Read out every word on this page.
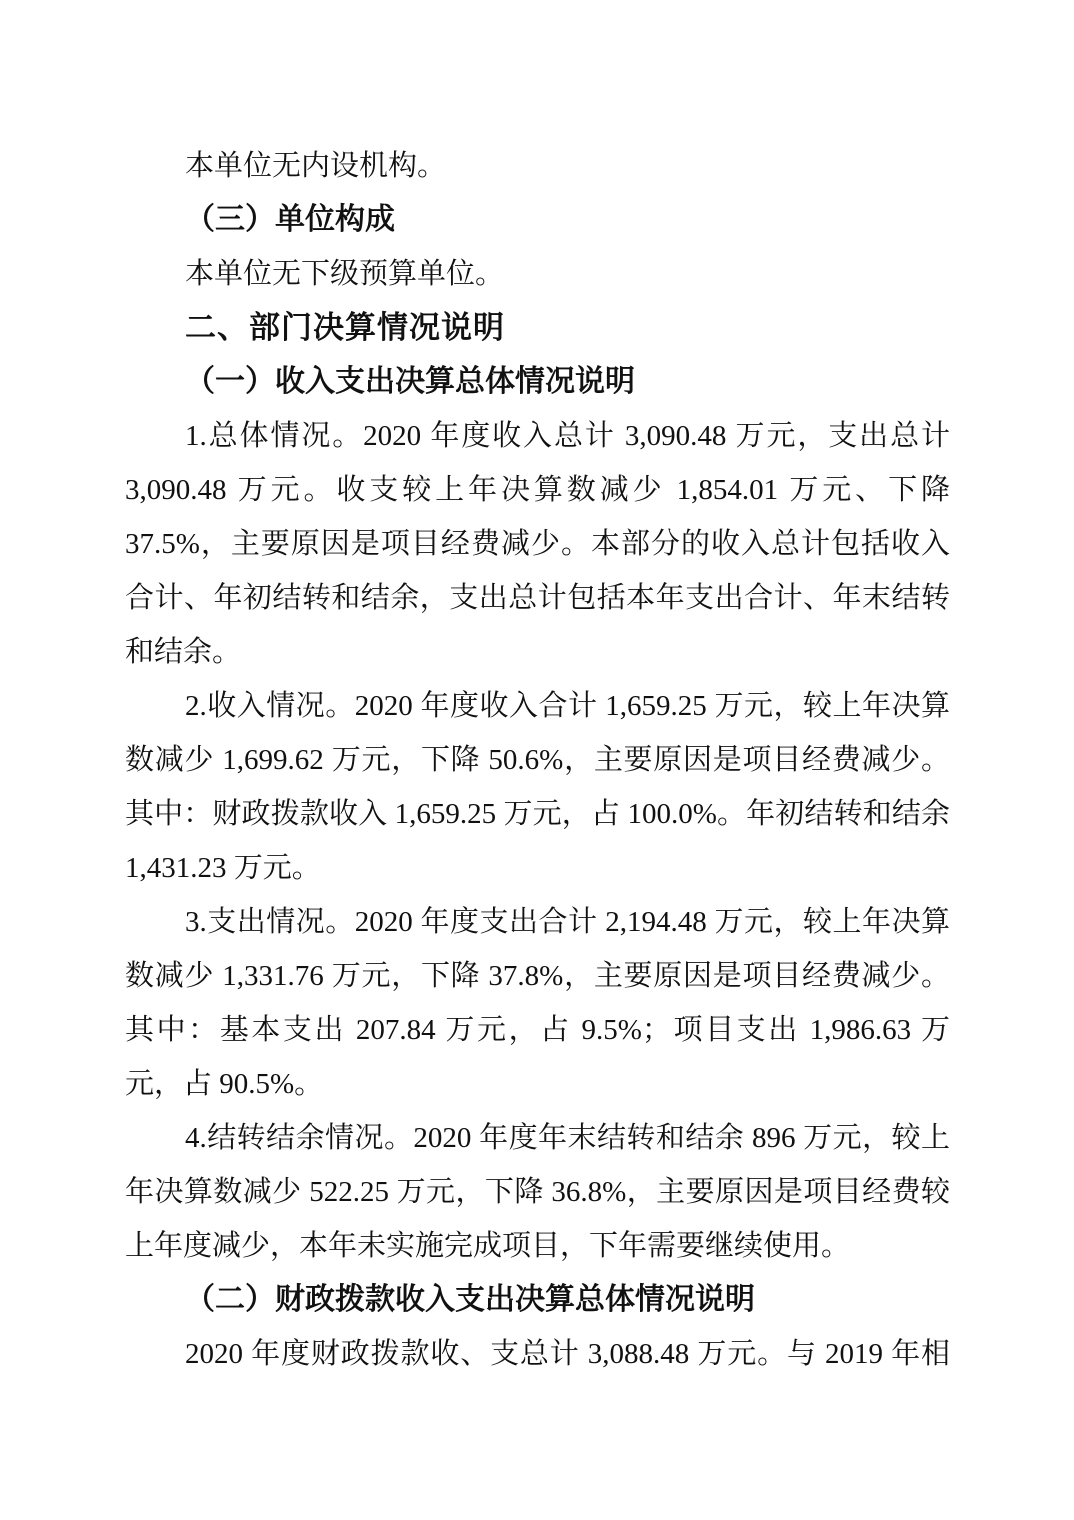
本单位无内设机构。
（三）单位构成
本单位无下级预算单位。
二、部门决算情况说明
（一）收入支出决算总体情况说明
1.总体情况。2020 年度收入总计 3,090.48 万元，支出总计
3,090.48 万元。收支较上年决算数减少 1,854.01 万元、下降
37.5%，主要原因是项目经费减少。本部分的收入总计包括收入
合计、年初结转和结余，支出总计包括本年支出合计、年末结转
和结余。
2.收入情况。2020 年度收入合计 1,659.25 万元，较上年决算
数减少 1,699.62 万元，下降 50.6%，主要原因是项目经费减少。
其中：财政拨款收入 1,659.25 万元，占 100.0%。年初结转和结余
1,431.23 万元。
3.支出情况。2020 年度支出合计 2,194.48 万元，较上年决算
数减少 1,331.76 万元，下降 37.8%，主要原因是项目经费减少。
其中：基本支出 207.84 万元，占 9.5%；项目支出 1,986.63 万
元，占 90.5%。
4.结转结余情况。2020 年度年末结转和结余 896 万元，较上
年决算数减少 522.25 万元，下降 36.8%，主要原因是项目经费较
上年度减少，本年未实施完成项目，下年需要继续使用。
（二）财政拨款收入支出决算总体情况说明
2020 年度财政拨款收、支总计 3,088.48 万元。与 2019 年相
